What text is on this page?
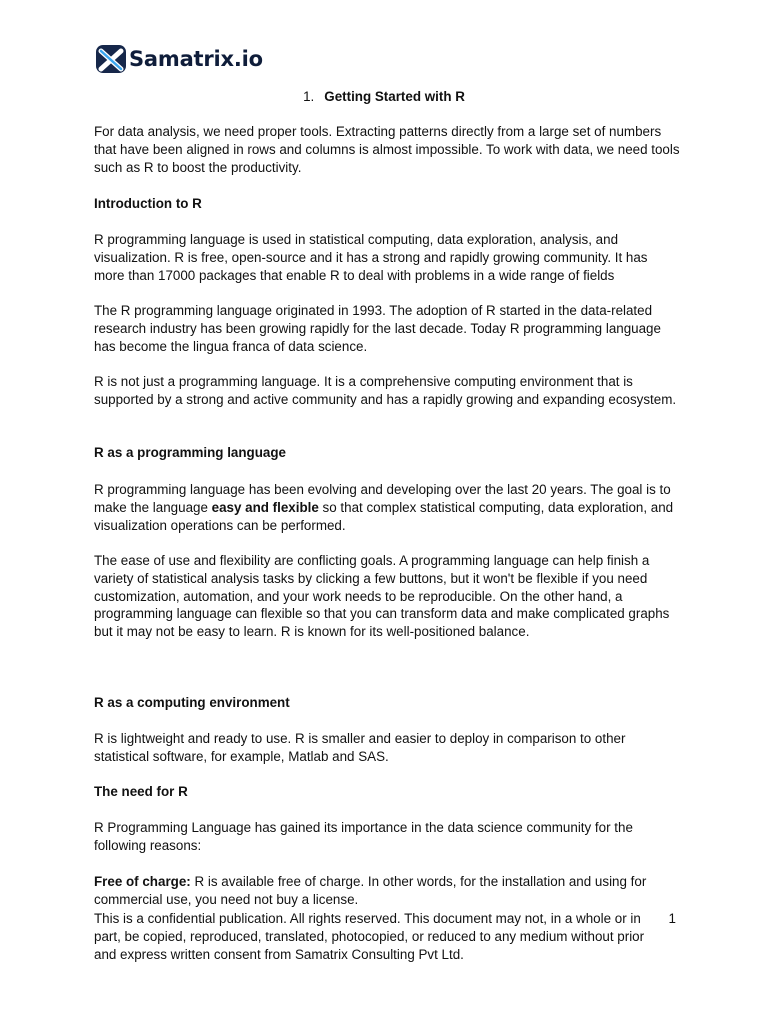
Samatrix.io
1. Getting Started with R

For data analysis, we need proper tools. Extracting patterns directly from a large set of numbers that have been aligned in rows and columns is almost impossible. To work with data, we need tools such as R to boost the productivity.

Introduction to R

R programming language is used in statistical computing, data exploration, analysis, and visualization. R is free, open-source and it has a strong and rapidly growing community. It has more than 17000 packages that enable R to deal with problems in a wide range of fields

The R programming language originated in 1993. The adoption of R started in the data-related research industry has been growing rapidly for the last decade. Today R programming language has become the lingua franca of data science.

R is not just a programming language. It is a comprehensive computing environment that is supported by a strong and active community and has a rapidly growing and expanding ecosystem.

R as a programming language

R programming language has been evolving and developing over the last 20 years. The goal is to make the language easy and flexible so that complex statistical computing, data exploration, and visualization operations can be performed.

The ease of use and flexibility are conflicting goals. A programming language can help finish a variety of statistical analysis tasks by clicking a few buttons, but it won't be flexible if you need customization, automation, and your work needs to be reproducible. On the other hand, a programming language can flexible so that you can transform data and make complicated graphs but it may not be easy to learn. R is known for its well-positioned balance.

R as a computing environment

R is lightweight and ready to use. R is smaller and easier to deploy in comparison to other statistical software, for example, Matlab and SAS.

The need for R

R Programming Language has gained its importance in the data science community for the following reasons:

Free of charge: R is available free of charge. In other words, for the installation and using for commercial use, you need not buy a license.

This is a confidential publication. All rights reserved. This document may not, in a whole or in part, be copied, reproduced, translated, photocopied, or reduced to any medium without prior and express written consent from Samatrix Consulting Pvt Ltd.

1
